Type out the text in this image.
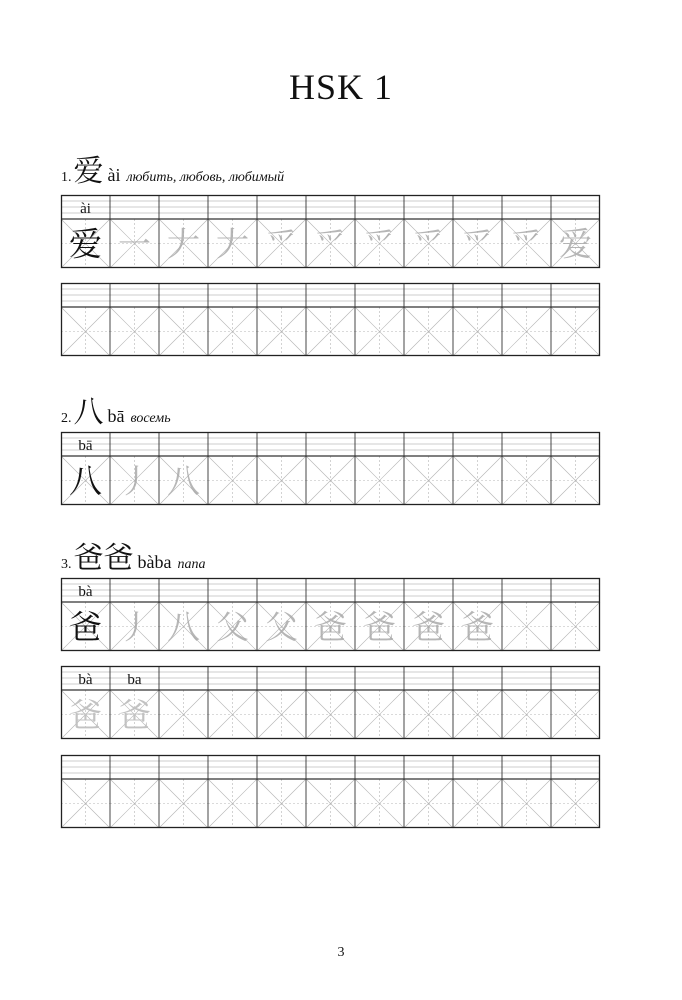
HSK 1
1. 爱 ài любить, любовь, любимый
ài
爱 一 𠂇 𠂇 爫 爫 爫 爫 爫 爫 爱
2. 八 bā восемь
bā
八 丿 八
3. 爸爸 bàba папа
bà
爸 丿 八 父 父 爸 爸 爸 爸
bà ba
爸 爸
3
